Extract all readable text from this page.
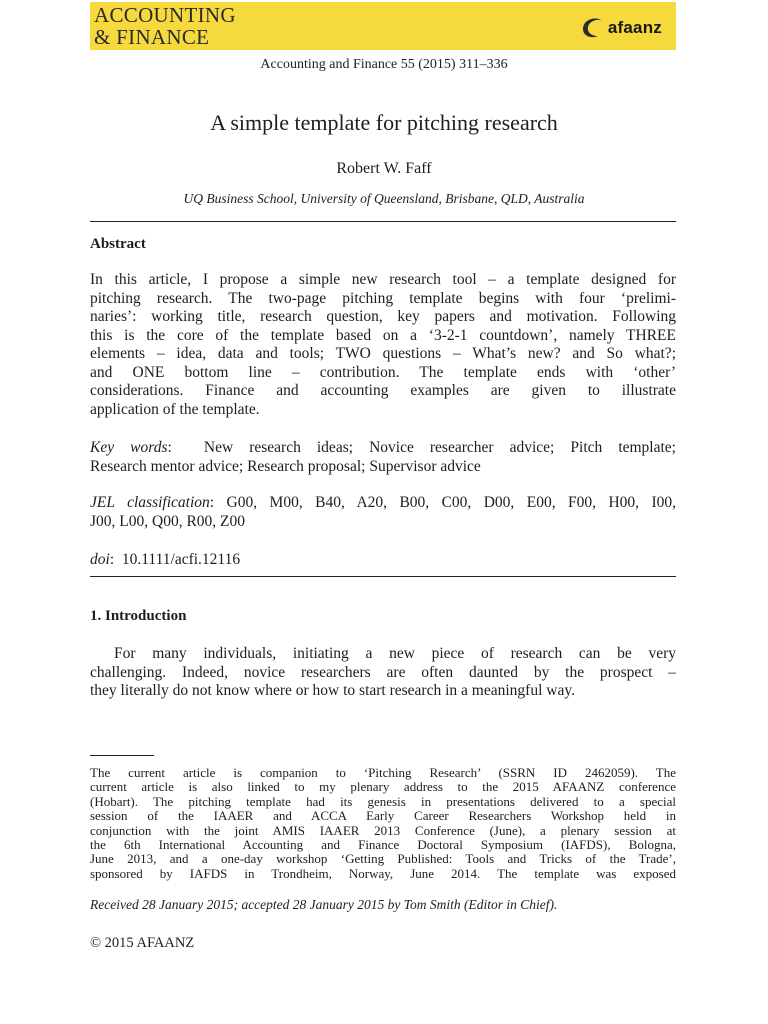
ACCOUNTING
& FINANCE	afaanz
Accounting and Finance 55 (2015) 311–336
A simple template for pitching research
Robert W. Faff
UQ Business School, University of Queensland, Brisbane, QLD, Australia
Abstract
In this article, I propose a simple new research tool – a template designed for
pitching research. The two-page pitching template begins with four ‘prelimi-
naries’: working title, research question, key papers and motivation. Following
this is the core of the template based on a ‘3-2-1 countdown’, namely THREE
elements – idea, data and tools; TWO questions – What’s new? and So what?;
and ONE bottom line – contribution. The template ends with ‘other’
considerations. Finance and accounting examples are given to illustrate
application of the template.
Key words:  New research ideas; Novice researcher advice; Pitch template;
Research mentor advice; Research proposal; Supervisor advice
JEL classification: G00, M00, B40, A20, B00, C00, D00, E00, F00, H00, I00,
J00, L00, Q00, R00, Z00
doi:  10.1111/acfi.12116
1. Introduction
For many individuals, initiating a new piece of research can be very
challenging. Indeed, novice researchers are often daunted by the prospect –
they literally do not know where or how to start research in a meaningful way.
The current article is companion to ‘Pitching Research’ (SSRN ID 2462059). The
current article is also linked to my plenary address to the 2015 AFAANZ conference
(Hobart). The pitching template had its genesis in presentations delivered to a special
session of the IAAER and ACCA Early Career Researchers Workshop held in
conjunction with the joint AMIS IAAER 2013 Conference (June), a plenary session at
the 6th International Accounting and Finance Doctoral Symposium (IAFDS), Bologna,
June 2013, and a one-day workshop ‘Getting Published: Tools and Tricks of the Trade’,
sponsored by IAFDS in Trondheim, Norway, June 2014. The template was exposed
Received 28 January 2015; accepted 28 January 2015 by Tom Smith (Editor in Chief).
© 2015 AFAANZ
